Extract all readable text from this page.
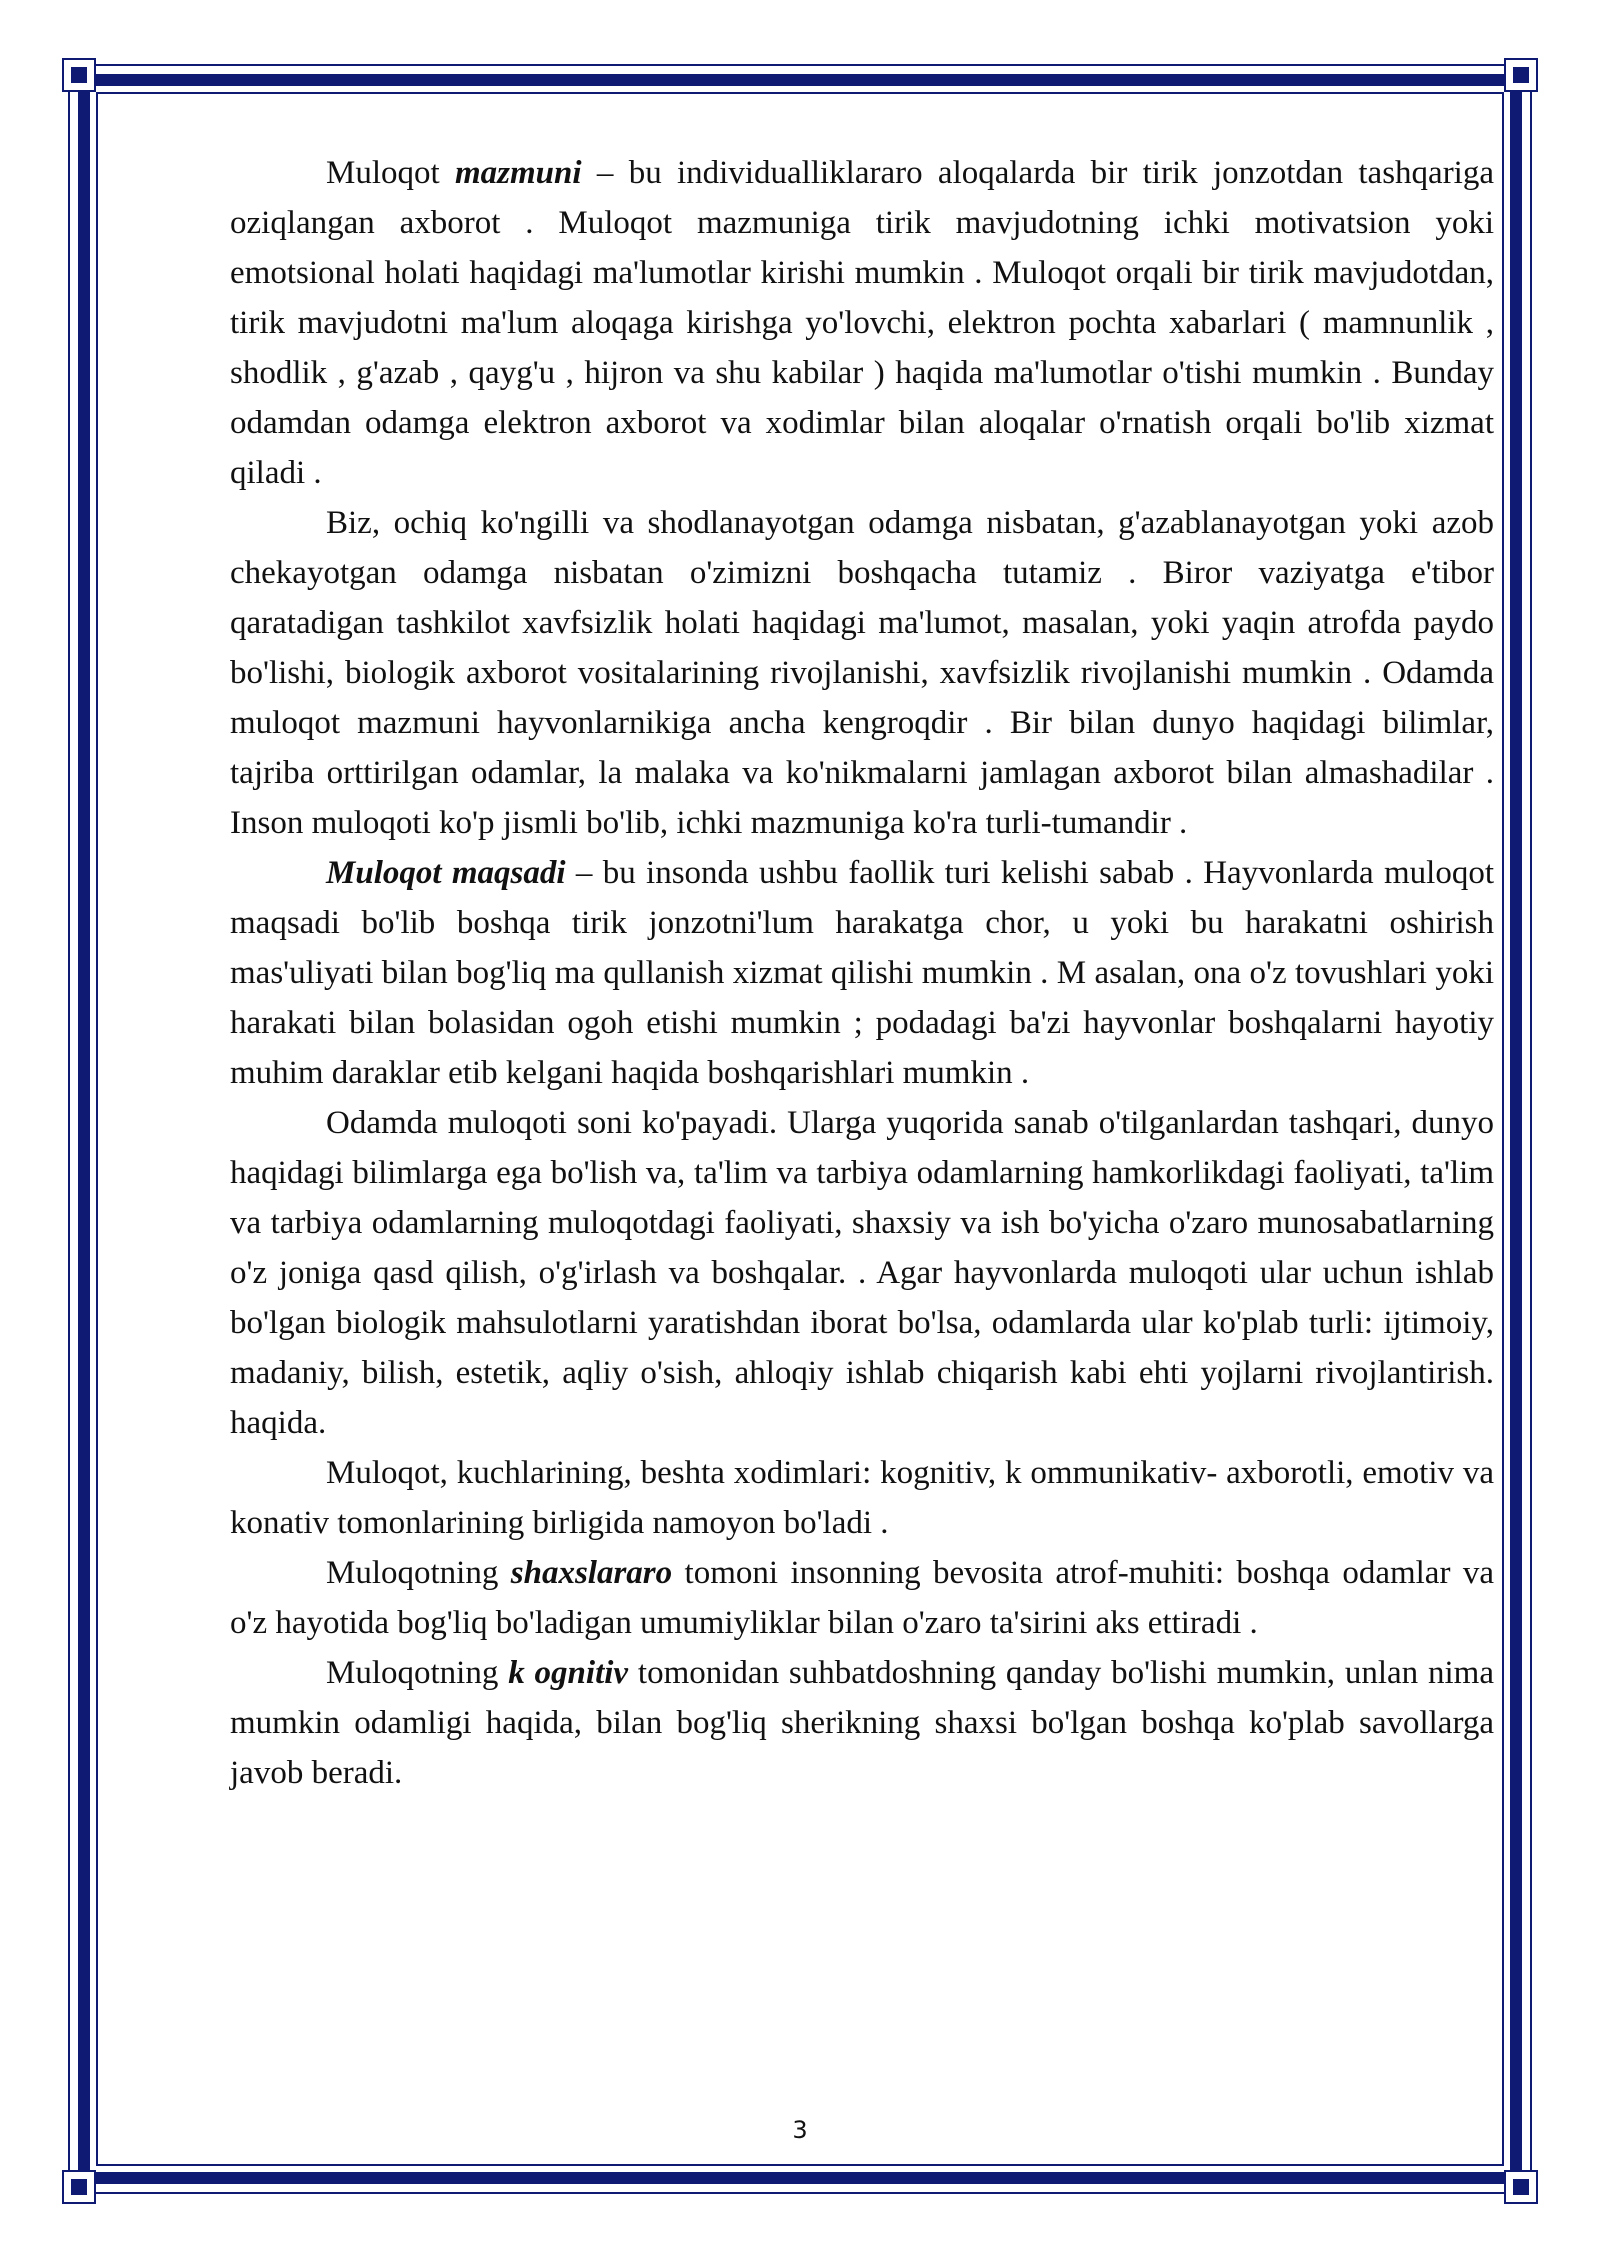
Muloqot mazmuni – bu individualliklararo aloqalarda bir tirik jonzotdan tashqariga oziqlangan axborot . Muloqot mazmuniga tirik mavjudotning ichki motivatsion yoki emotsional holati haqidagi ma'lumotlar kirishi mumkin . Muloqot orqali bir tirik mavjudotdan, tirik mavjudotni ma'lum aloqaga kirishga yo'lovchi, elektron pochta xabarlari ( mamnunlik , shodlik , g'azab , qayg'u , hijron va shu kabilar ) haqida ma'lumotlar o'tishi mumkin . Bunday odamdan odamga elektron axborot va xodimlar bilan aloqalar o'rnatish orqali bo'lib xizmat qiladi .

Biz, ochiq ko'ngilli va shodlanayotgan odamga nisbatan, g'azablanayotgan yoki azob chekayotgan odamga nisbatan o'zimizni boshqacha tutamiz . Biror vaziyatga e'tibor qaratadigan tashkilot xavfsizlik holati haqidagi ma'lumot, masalan, yoki yaqin atrofda paydo bo'lishi, biologik axborot vositalarining rivojlanishi, xavfsizlik rivojlanishi mumkin . Odamda muloqot mazmuni hayvonlarnikiga ancha kengroqdir . Bir bilan dunyo haqidagi bilimlar, tajriba orttirilgan odamlar, la malaka va ko'nikmalarni jamlagan axborot bilan almashadilar . Inson muloqoti ko'p jismli bo'lib, ichki mazmuniga ko'ra turli-tumandir .

Muloqot maqsadi – bu insonda ushbu faollik turi kelishi sabab . Hayvonlarda muloqot maqsadi bo'lib boshqa tirik jonzotni'lum harakatga chor, u yoki bu harakatni oshirish mas'uliyati bilan bog'liq ma qullanish xizmat qilishi mumkin . M asalan, ona o'z tovushlari yoki harakati bilan bolasidan ogoh etishi mumkin ; podadagi ba'zi hayvonlar boshqalarni hayotiy muhim daraklar etib kelgani haqida boshqarishlari mumkin .

Odamda muloqoti soni ko'payadi. Ularga yuqorida sanab o'tilganlardan tashqari, dunyo haqidagi bilimlarga ega bo'lish va, ta'lim va tarbiya odamlarning hamkorlikdagi faoliyati, ta'lim va tarbiya odamlarning muloqotdagi faoliyati, shaxsiy va ish bo'yicha o'zaro munosabatlarning o'z joniga qasd qilish, o'g'irlash va boshqalar. . Agar hayvonlarda muloqoti ular uchun ishlab bo'lgan biologik mahsulotlarni yaratishdan iborat bo'lsa, odamlarda ular ko'plab turli: ijtimoiy, madaniy, bilish, estetik, aqliy o'sish, ahloqiy ishlab chiqarish kabi ehti yojlarni rivojlantirish. haqida.

Muloqot, kuchlarining, beshta xodimlari: kognitiv, k ommunikativ- axborotli, emotiv va konativ tomonlarining birligida namoyon bo'ladi .

Muloqotning shaxslararo tomoni insonning bevosita atrof-muhiti: boshqa odamlar va o'z hayotida bog'liq bo'ladigan umumiyliklar bilan o'zaro ta'sirini aks ettiradi .

Muloqotning k ognitiv tomonidan suhbatdoshning qanday bo'lishi mumkin, unlan nima mumkin odamligi haqida, bilan bog'liq sherikning shaxsi bo'lgan boshqa ko'plab savollarga javob beradi.

3
